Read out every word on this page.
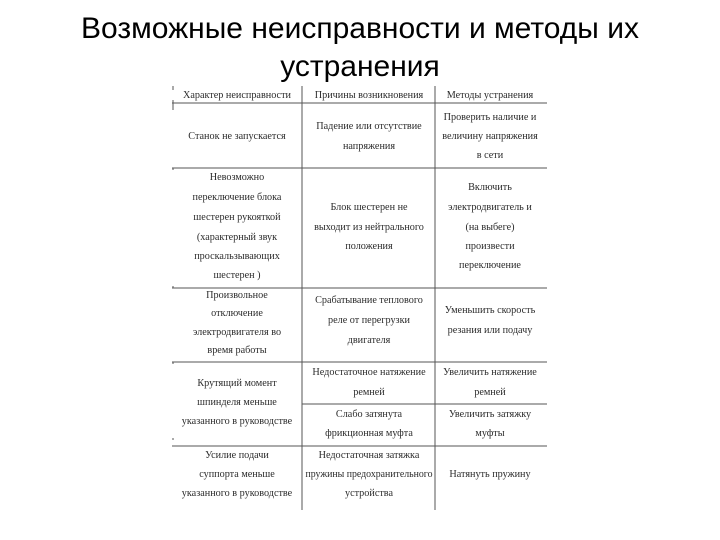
Возможные неисправности и методы их
устранения
Характер неисправности Причины возникновения Методы устранения
Станок не запускается
Падение или отсутствие
напряжения
Проверить наличие и
величину напряжения
в сети
Невозможно
переключение блока
шестерен рукояткой
(характерный звук
проскальзывающих
шестерен )
Блок шестерен не
выходит из нейтрального
положения
Включить
электродвигатель и
(на выбеге)
произвести
переключение
Произвольное
отключение
электродвигателя во
время работы
Срабатывание теплового
реле от перегрузки
двигателя
Уменьшить скорость
резания или подачу
Крутящий момент
шпинделя меньше
указанного в руководстве
Недостаточное натяжение
ремней
Увеличить натяжение
ремней
Слабо затянута
фрикционная муфта
Увеличить затяжку
муфты
Усилие подачи
суппорта меньше
указанного в руководстве
Недостаточная затяжка
пружины предохранительного
устройства
Натянуть пружину
